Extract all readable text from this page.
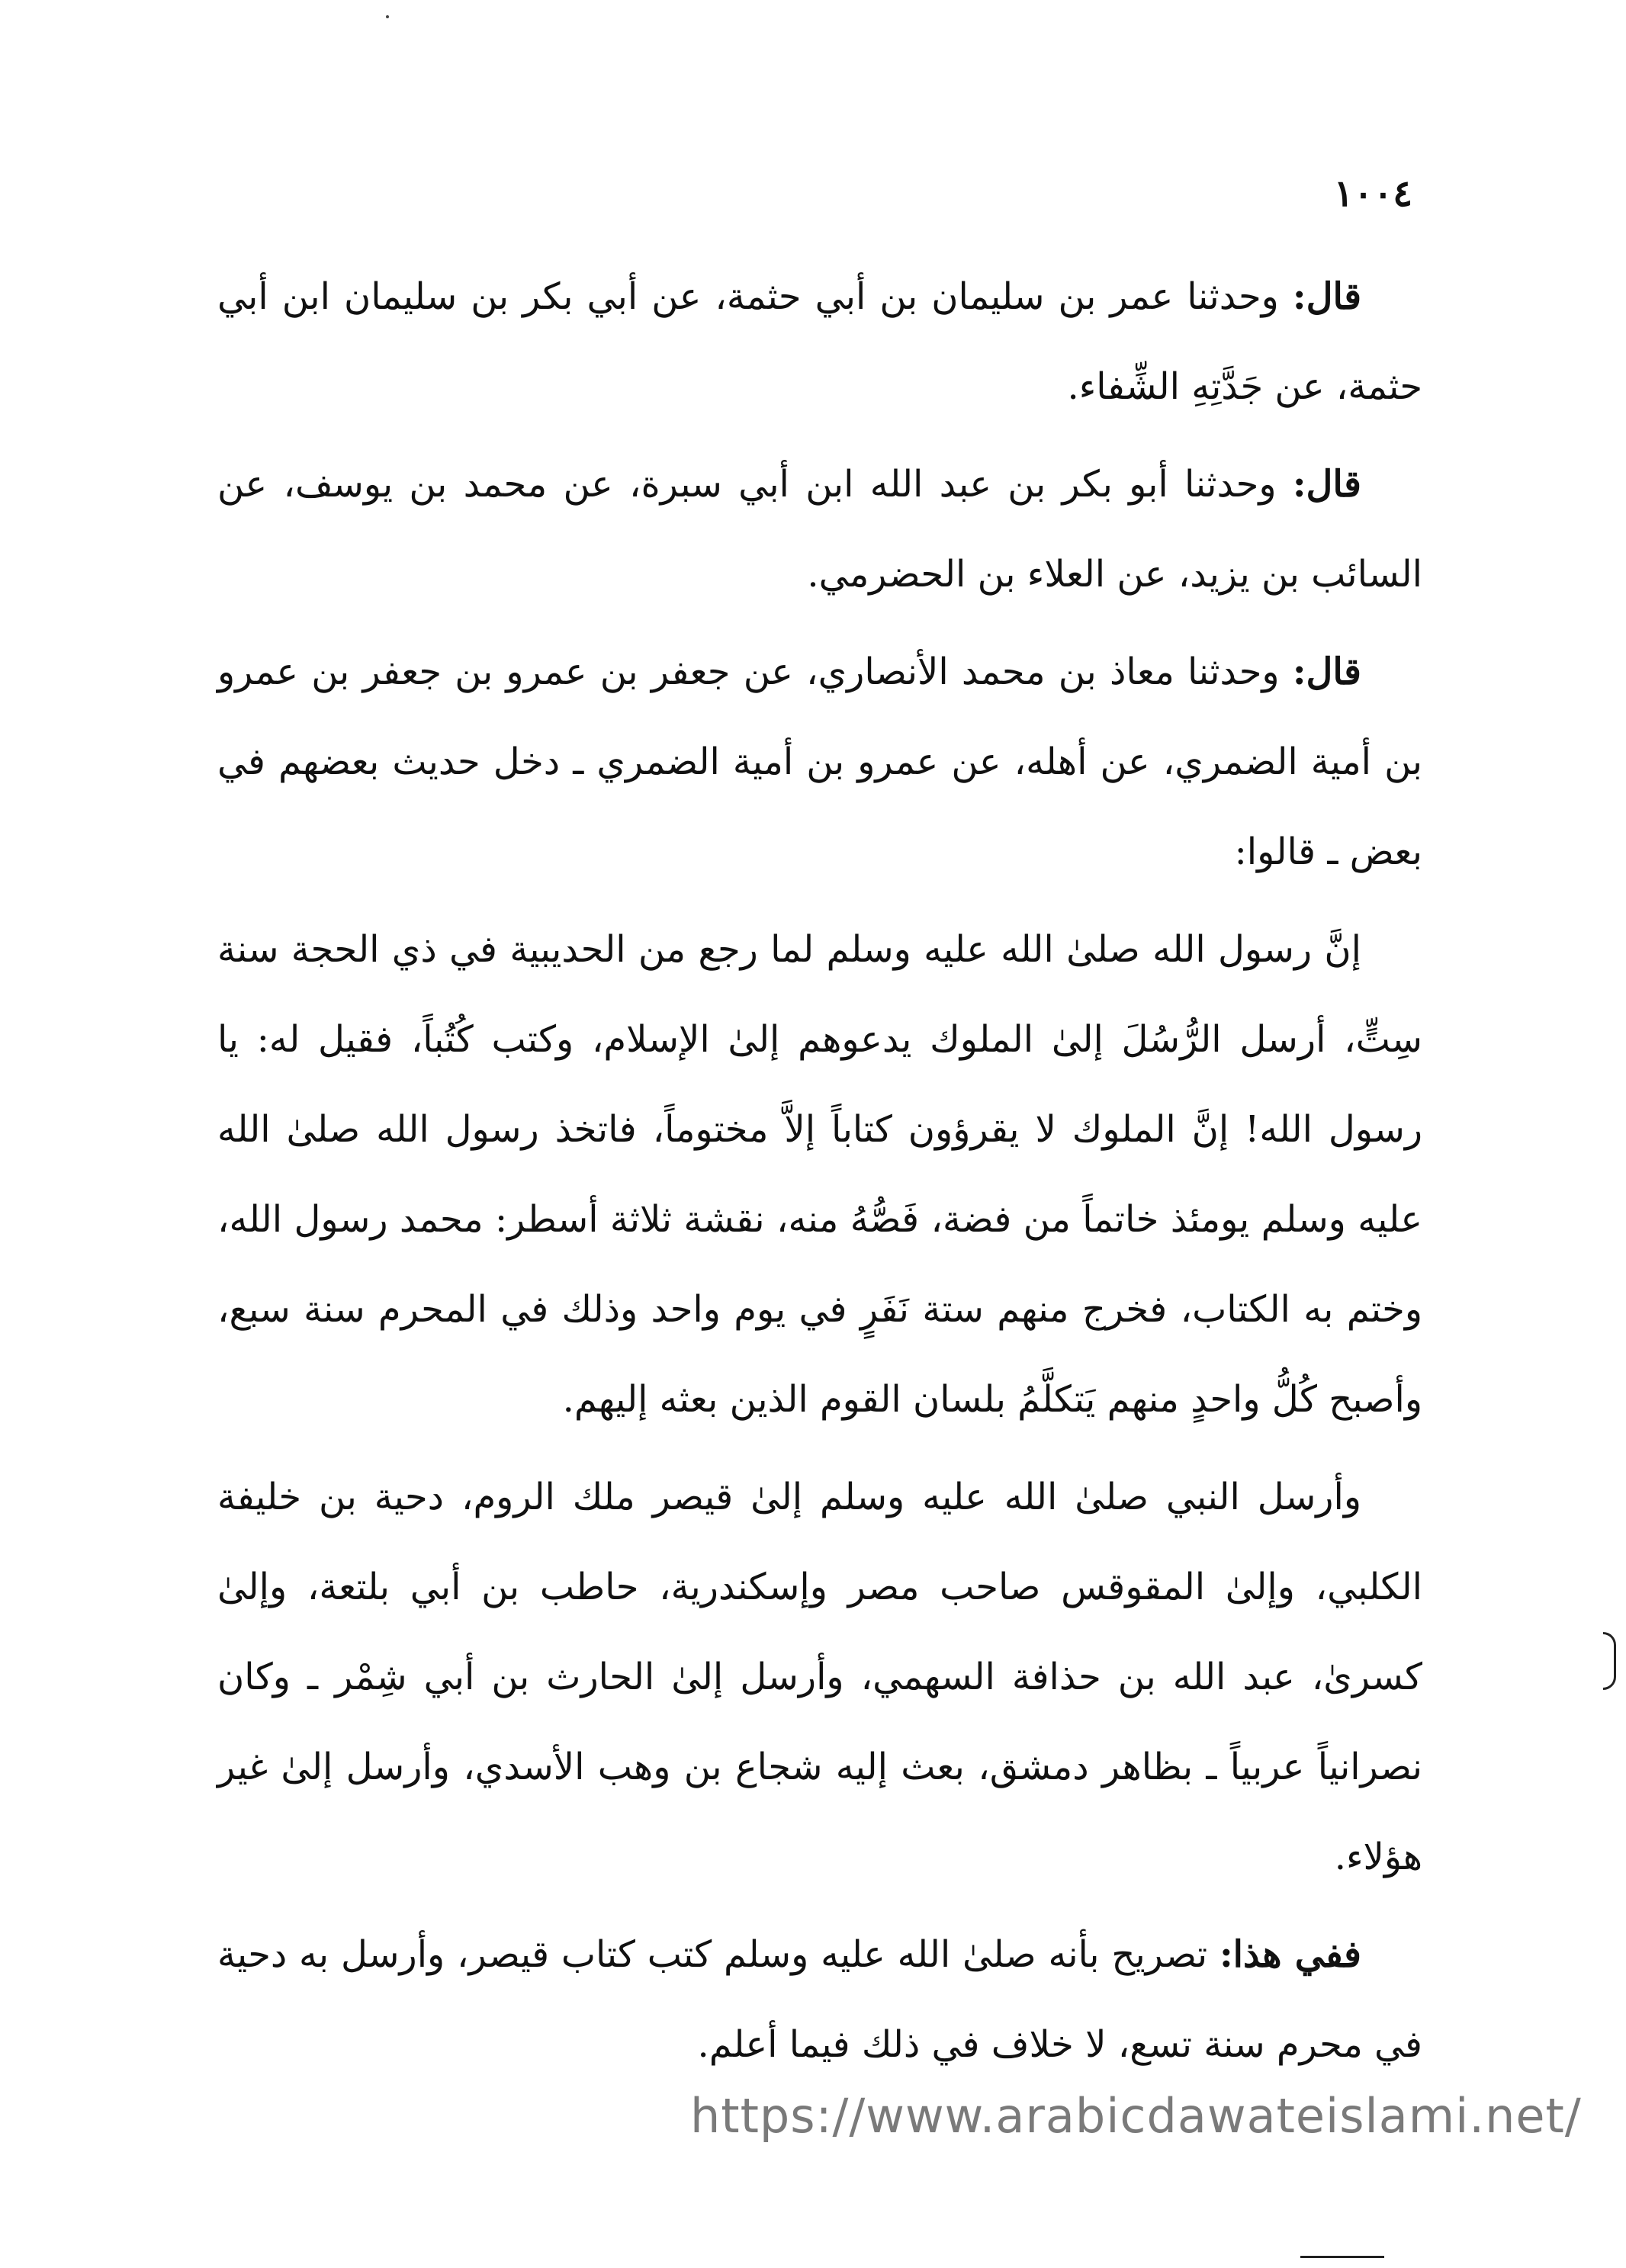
١٠٠٤

قال: وحدثنا عمر بن سليمان بن أبي حثمة، عن أبي بكر بن سليمان ابن أبي حثمة، عن جَدَّتِهِ الشِّفاء.

قال: وحدثنا أبو بكر بن عبد الله ابن أبي سبرة، عن محمد بن يوسف، عن السائب بن يزيد، عن العلاء بن الحضرمي.

قال: وحدثنا معاذ بن محمد الأنصاري، عن جعفر بن عمرو بن جعفر بن عمرو بن أمية الضمري، عن أهله، عن عمرو بن أمية الضمري ـ دخل حديث بعضهم في بعض ـ قالوا:

إنَّ رسول الله صلىٰ الله عليه وسلم لما رجع من الحديبية في ذي الحجة سنة سِتٍّ، أرسل الرُّسُلَ إلىٰ الملوك يدعوهم إلىٰ الإسلام، وكتب كُتُباً، فقيل له: يا رسول الله! إنَّ الملوك لا يقرؤون كتاباً إلاَّ مختوماً، فاتخذ رسول الله صلىٰ الله عليه وسلم يومئذ خاتماً من فضة، فَصُّهُ منه، نقشة ثلاثة أسطر: محمد رسول الله، وختم به الكتاب، فخرج منهم ستة نَفَرٍ في يوم واحد وذلك في المحرم سنة سبع، وأصبح كُلُّ واحدٍ منهم يَتكلَّمُ بلسان القوم الذين بعثه إليهم.

وأرسل النبي صلىٰ الله عليه وسلم إلىٰ قيصر ملك الروم، دحية بن خليفة الكلبي، وإلىٰ المقوقس صاحب مصر وإسكندرية، حاطب بن أبي بلتعة، وإلىٰ كسرىٰ، عبد الله بن حذافة السهمي، وأرسل إلىٰ الحارث بن أبي شِمْر ـ وكان نصرانياً عربياً ـ بظاهر دمشق، بعث إليه شجاع بن وهب الأسدي، وأرسل إلىٰ غير هؤلاء.

ففي هذا: تصريح بأنه صلىٰ الله عليه وسلم كتب كتاب قيصر، وأرسل به دحية في محرم سنة تسع، لا خلاف في ذلك فيما أعلم.

https://www.arabicdawateislami.net/
